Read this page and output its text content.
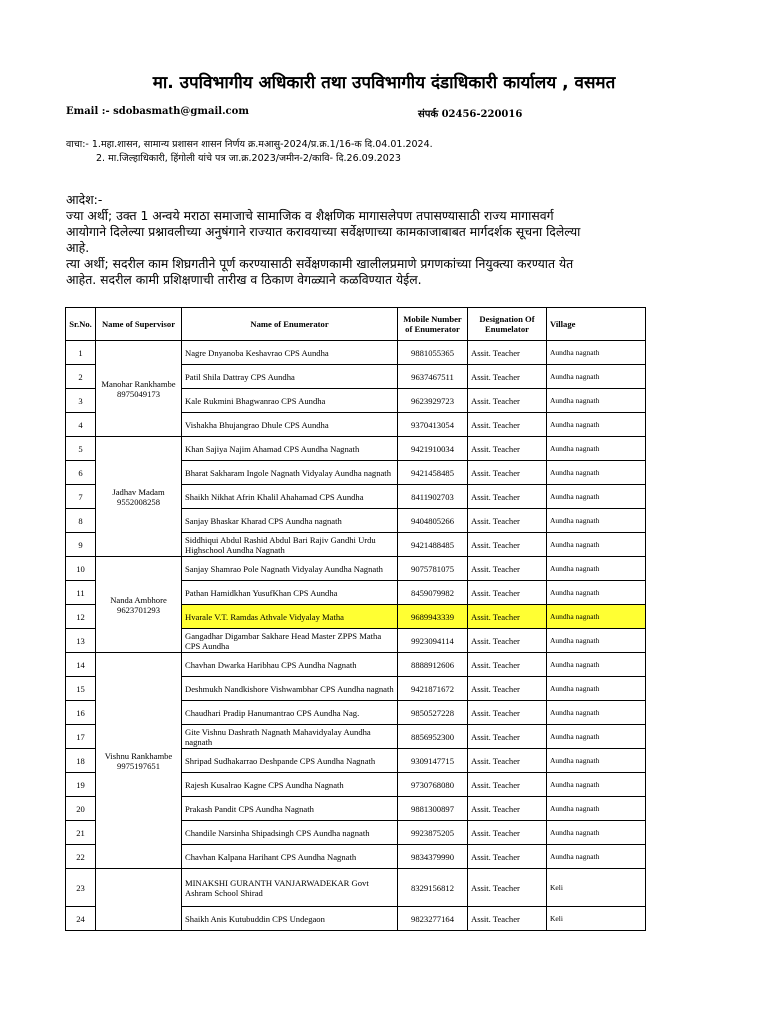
मा. उपविभागीय अधिकारी तथा उपविभागीय दंडाधिकारी कार्यालय , वसमत
Email :- sdobasmath@gmail.com	संपर्क 02456-220016
वाचा:- 1.महा.शासन, सामान्य प्रशासन शासन निर्णय क्र.मआसु-2024/प्र.क्र.1/16-क दि.04.01.2024.
2. मा.जिल्हाधिकारी, हिंगोली यांचे पत्र जा.क्र.2023/जमीन-2/कावि- दि.26.09.2023
आदेश:-
ज्या अर्थी; उक्त 1 अन्वये मराठा समाजाचे सामाजिक व शैक्षणिक मागासलेपण तपासण्यासाठी राज्य मागासवर्ग
आयोगाने दिलेल्या प्रश्नावलीच्या अनुषंगाने राज्यात करावयाच्या सर्वेक्षणाच्या कामकाजाबाबत मार्गदर्शक सूचना दिलेल्या
आहे.
त्या अर्थी; सदरील काम शिघ्रगतीने पूर्ण करण्यासाठी सर्वेक्षणकामी खालीलप्रमाणे प्रगणकांच्या नियुक्त्या करण्यात येत
आहेत. सदरील कामी प्रशिक्षणाची तारीख व ठिकाण वेगळ्याने कळविण्यात येईल.
Sr.No.	Name of Supervisor	Name of Enumerator	Mobile Number of Enumerator	Designation Of Enumelator	Village
1	Manohar Rankhambe 8975049173	Nagre Dnyanoba Keshavrao CPS Aundha	9881055365	Assit. Teacher	Aundha nagnath
2		Patil Shila Dattray CPS Aundha	9637467511	Assit. Teacher	Aundha nagnath
3		Kale Rukmini Bhagwanrao CPS Aundha	9623929723	Assit. Teacher	Aundha nagnath
4		Vishakha Bhujangrao Dhule CPS Aundha	9370413054	Assit. Teacher	Aundha nagnath
5	Jadhav Madam 9552008258	Khan Sajiya Najim Ahamad CPS Aundha Nagnath	9421910034	Assit. Teacher	Aundha nagnath
6		Bharat Sakharam Ingole Nagnath Vidyalay Aundha nagnath	9421458485	Assit. Teacher	Aundha nagnath
7		Shaikh Nikhat Afrin Khalil Ahahamad CPS Aundha	8411902703	Assit. Teacher	Aundha nagnath
8		Sanjay Bhaskar Kharad CPS Aundha nagnath	9404805266	Assit. Teacher	Aundha nagnath
9		Siddhiqui Abdul Rashid Abdul Bari Rajiv Gandhi Urdu Highschool Aundha Nagnath	9421488485	Assit. Teacher	Aundha nagnath
10	Nanda Ambhore 9623701293	Sanjay Shamrao Pole Nagnath Vidyalay Aundha Nagnath	9075781075	Assit. Teacher	Aundha nagnath
11		Pathan Hamidkhan YusufKhan CPS Aundha	8459079982	Assit. Teacher	Aundha nagnath
12		Hvarale V.T. Ramdas Athvale Vidyalay Matha	9689943339	Assit. Teacher	Aundha nagnath
13		Gangadhar Digambar Sakhare Head Master ZPPS Matha CPS Aundha	9923094114	Assit. Teacher	Aundha nagnath
14	Vishnu Rankhambe 9975197651	Chavhan Dwarka Haribhau CPS Aundha Nagnath	8888912606	Assit. Teacher	Aundha nagnath
15		Deshmukh Nandkishore Vishwambhar CPS Aundha nagnath	9421871672	Assit. Teacher	Aundha nagnath
16		Chaudhari Pradip Hanumantrao CPS Aundha Nag.	9850527228	Assit. Teacher	Aundha nagnath
17		Gite Vishnu Dashrath Nagnath Mahavidyalay Aundha nagnath	8856952300	Assit. Teacher	Aundha nagnath
18		Shripad Sudhakarrao Deshpande CPS Aundha Nagnath	9309147715	Assit. Teacher	Aundha nagnath
19		Rajesh Kusalrao Kagne CPS Aundha Nagnath	9730768080	Assit. Teacher	Aundha nagnath
20		Prakash Pandit CPS Aundha Nagnath	9881300897	Assit. Teacher	Aundha nagnath
21		Chandile Narsinha Shipadsingh CPS Aundha nagnath	9923875205	Assit. Teacher	Aundha nagnath
22		Chavhan Kalpana Harihant CPS Aundha Nagnath	9834379990	Assit. Teacher	Aundha nagnath
23		MINAKSHI GURANTH VANJARWADEKAR Govt Ashram School Shirad	8329156812	Assit. Teacher	Keli
24		Shaikh Anis Kutubuddin CPS Undegaon	9823277164	Assit. Teacher	Keli
